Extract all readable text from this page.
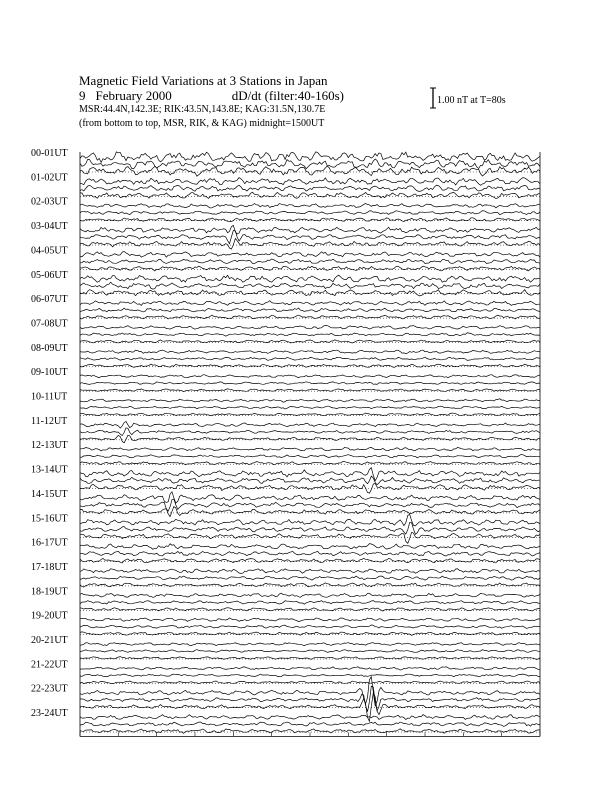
Magnetic Field Variations at 3 Stations in Japan
9 February 2000	dD/dt (filter:40-160s)
MSR:44.4N,142.3E; RIK:43.5N,143.8E; KAG:31.5N,130.7E
(from bottom to top, MSR, RIK, & KAG) midnight=1500UT
1.00 nT at T=80s
00-01UT
01-02UT
02-03UT
03-04UT
04-05UT
05-06UT
06-07UT
07-08UT
08-09UT
09-10UT
10-11UT
11-12UT
12-13UT
13-14UT
14-15UT
15-16UT
16-17UT
17-18UT
18-19UT
19-20UT
20-21UT
21-22UT
22-23UT
23-24UT
